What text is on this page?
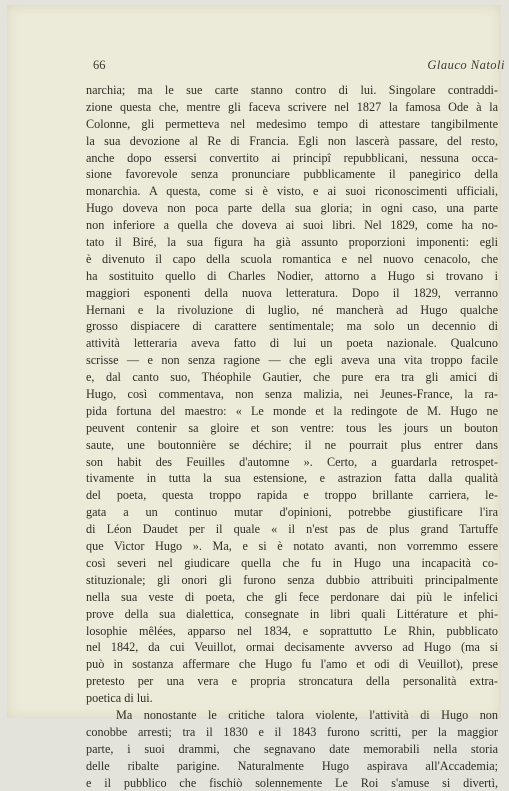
66	Glauco Natoli
narchia; ma le sue carte stanno contro di lui. Singolare contraddi-
zione questa che, mentre gli faceva scrivere nel 1827 la famosa Ode à la
Colonne, gli permetteva nel medesimo tempo di attestare tangibilmente
la sua devozione al Re di Francia. Egli non lascerà passare, del resto,
anche dopo essersi convertito ai principî repubblicani, nessuna occa-
sione favorevole senza pronunciare pubblicamente il panegirico della
monarchia. A questa, come si è visto, e ai suoi riconoscimenti ufficiali,
Hugo doveva non poca parte della sua gloria; in ogni caso, una parte
non inferiore a quella che doveva ai suoi libri. Nel 1829, come ha no-
tato il Biré, la sua figura ha già assunto proporzioni imponenti: egli
è divenuto il capo della scuola romantica e nel nuovo cenacolo, che
ha sostituito quello di Charles Nodier, attorno a Hugo si trovano i
maggiori esponenti della nuova letteratura. Dopo il 1829, verranno
Hernani e la rivoluzione di luglio, né mancherà ad Hugo qualche
grosso dispiacere di carattere sentimentale; ma solo un decennio di
attività letteraria aveva fatto di lui un poeta nazionale. Qualcuno
scrisse — e non senza ragione — che egli aveva una vita troppo facile
e, dal canto suo, Théophile Gautier, che pure era tra gli amici di
Hugo, così commentava, non senza malizia, nei Jeunes-France, la ra-
pida fortuna del maestro: « Le monde et la redingote de M. Hugo ne
peuvent contenir sa gloire et son ventre: tous les jours un bouton
saute, une boutonnière se déchire; il ne pourrait plus entrer dans
son habit des Feuilles d'automne ». Certo, a guardarla retrospet-
tivamente in tutta la sua estensione, e astrazion fatta dalla qualità
del poeta, questa troppo rapida e troppo brillante carriera, le-
gata a un continuo mutar d'opinioni, potrebbe giustificare l'ira
di Léon Daudet per il quale « il n'est pas de plus grand Tartuffe
que Victor Hugo ». Ma, e si è notato avanti, non vorremmo essere
così severi nel giudicare quella che fu in Hugo una incapacità co-
stituzionale; gli onori gli furono senza dubbio attribuiti principalmente
nella sua veste di poeta, che gli fece perdonare dai più le infelici
prove della sua dialettica, consegnate in libri quali Littérature et phi-
losophie mêlées, apparso nel 1834, e soprattutto Le Rhin, pubblicato
nel 1842, da cui Veuillot, ormai decisamente avverso ad Hugo (ma si
può in sostanza affermare che Hugo fu l'amo et odi di Veuillot), prese
pretesto per una vera e propria stroncatura della personalità extra-
poetica di lui.
Ma nonostante le critiche talora violente, l'attività di Hugo non
conobbe arresti; tra il 1830 e il 1843 furono scritti, per la maggior
parte, i suoi drammi, che segnavano date memorabili nella storia
delle ribalte parigine. Naturalmente Hugo aspirava all'Accademia;
e il pubblico che fischiò solennemente Le Roi s'amuse si divertì,
